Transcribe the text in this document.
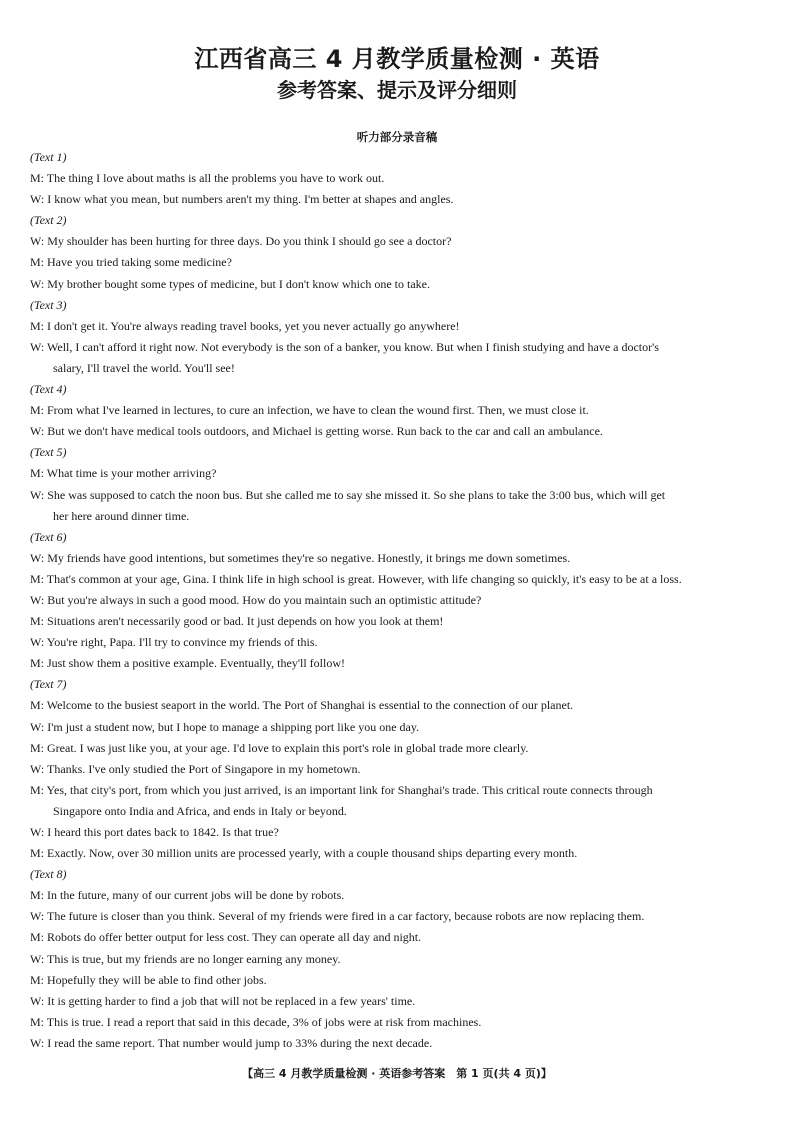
江西省高三 4 月教学质量检测 · 英语
参考答案、提示及评分细则
听力部分录音稿
(Text 1)
M: The thing I love about maths is all the problems you have to work out.
W: I know what you mean, but numbers aren't my thing. I'm better at shapes and angles.
(Text 2)
W: My shoulder has been hurting for three days. Do you think I should go see a doctor?
M: Have you tried taking some medicine?
W: My brother bought some types of medicine, but I don't know which one to take.
(Text 3)
M: I don't get it. You're always reading travel books, yet you never actually go anywhere!
W: Well, I can't afford it right now. Not everybody is the son of a banker, you know. But when I finish studying and have a doctor's
salary, I'll travel the world. You'll see!
(Text 4)
M: From what I've learned in lectures, to cure an infection, we have to clean the wound first. Then, we must close it.
W: But we don't have medical tools outdoors, and Michael is getting worse. Run back to the car and call an ambulance.
(Text 5)
M: What time is your mother arriving?
W: She was supposed to catch the noon bus. But she called me to say she missed it. So she plans to take the 3:00 bus, which will get
her here around dinner time.
(Text 6)
W: My friends have good intentions, but sometimes they're so negative. Honestly, it brings me down sometimes.
M: That's common at your age, Gina. I think life in high school is great. However, with life changing so quickly, it's easy to be at a loss.
W: But you're always in such a good mood. How do you maintain such an optimistic attitude?
M: Situations aren't necessarily good or bad. It just depends on how you look at them!
W: You're right, Papa. I'll try to convince my friends of this.
M: Just show them a positive example. Eventually, they'll follow!
(Text 7)
M: Welcome to the busiest seaport in the world. The Port of Shanghai is essential to the connection of our planet.
W: I'm just a student now, but I hope to manage a shipping port like you one day.
M: Great. I was just like you, at your age. I'd love to explain this port's role in global trade more clearly.
W: Thanks. I've only studied the Port of Singapore in my hometown.
M: Yes, that city's port, from which you just arrived, is an important link for Shanghai's trade. This critical route connects through
Singapore onto India and Africa, and ends in Italy or beyond.
W: I heard this port dates back to 1842. Is that true?
M: Exactly. Now, over 30 million units are processed yearly, with a couple thousand ships departing every month.
(Text 8)
M: In the future, many of our current jobs will be done by robots.
W: The future is closer than you think. Several of my friends were fired in a car factory, because robots are now replacing them.
M: Robots do offer better output for less cost. They can operate all day and night.
W: This is true, but my friends are no longer earning any money.
M: Hopefully they will be able to find other jobs.
W: It is getting harder to find a job that will not be replaced in a few years' time.
M: This is true. I read a report that said in this decade, 3% of jobs were at risk from machines.
W: I read the same report. That number would jump to 33% during the next decade.
【高三 4 月教学质量检测 · 英语参考答案　第 1 页(共 4 页)】
